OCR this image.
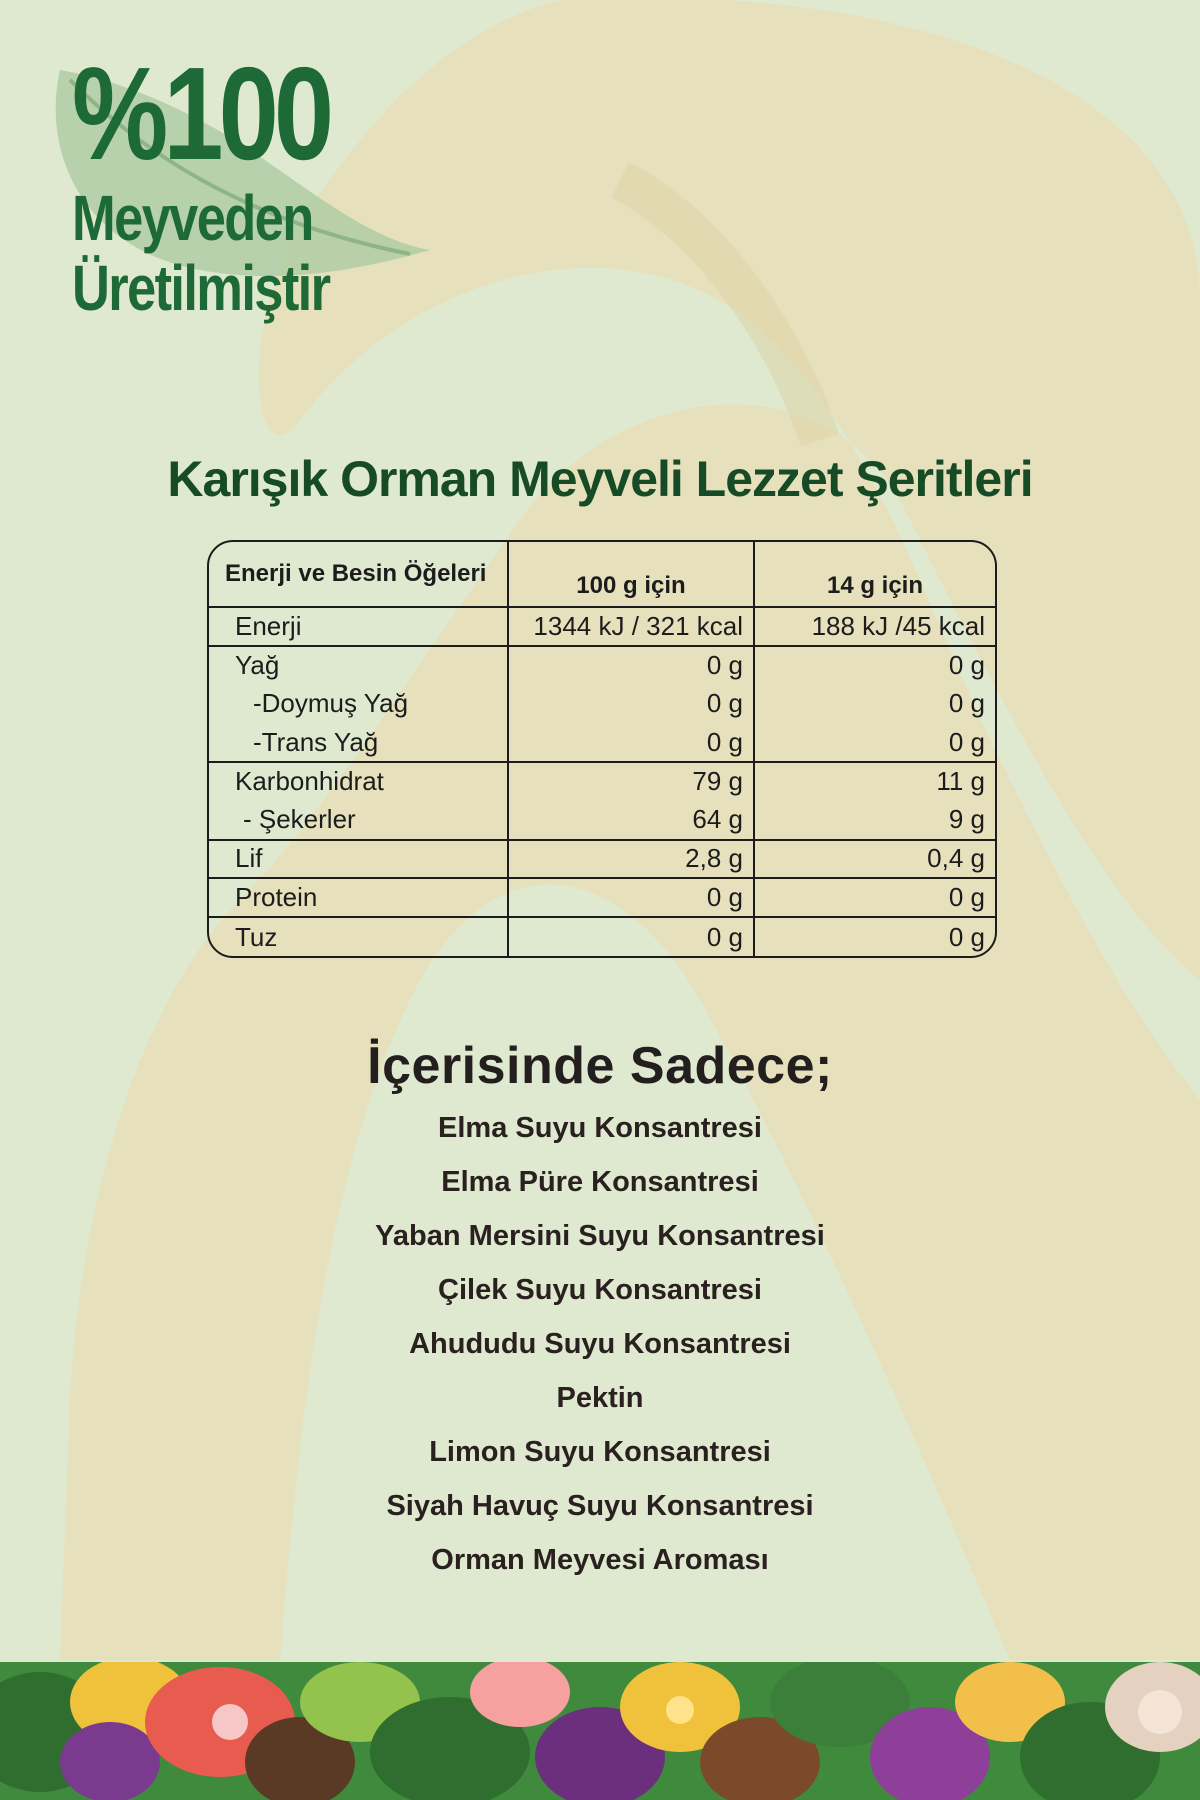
%100
Meyveden
Üretilmiştir
Karışık Orman Meyveli Lezzet Şeritleri
Enerji ve Besin Öğeleri	100 g için	14 g için
Enerji	1344 kJ / 321 kcal	188 kJ /45 kcal
Yağ	0 g	0 g
-Doymuş Yağ	0 g	0 g
-Trans Yağ	0 g	0 g
Karbonhidrat	79 g	11 g
- Şekerler	64 g	9 g
Lif	2,8 g	0,4 g
Protein	0 g	0 g
Tuz	0 g	0 g
İçerisinde Sadece;
Elma Suyu Konsantresi
Elma Püre Konsantresi
Yaban Mersini Suyu Konsantresi
Çilek Suyu Konsantresi
Ahududu Suyu Konsantresi
Pektin
Limon Suyu Konsantresi
Siyah Havuç Suyu Konsantresi
Orman Meyvesi Aroması
